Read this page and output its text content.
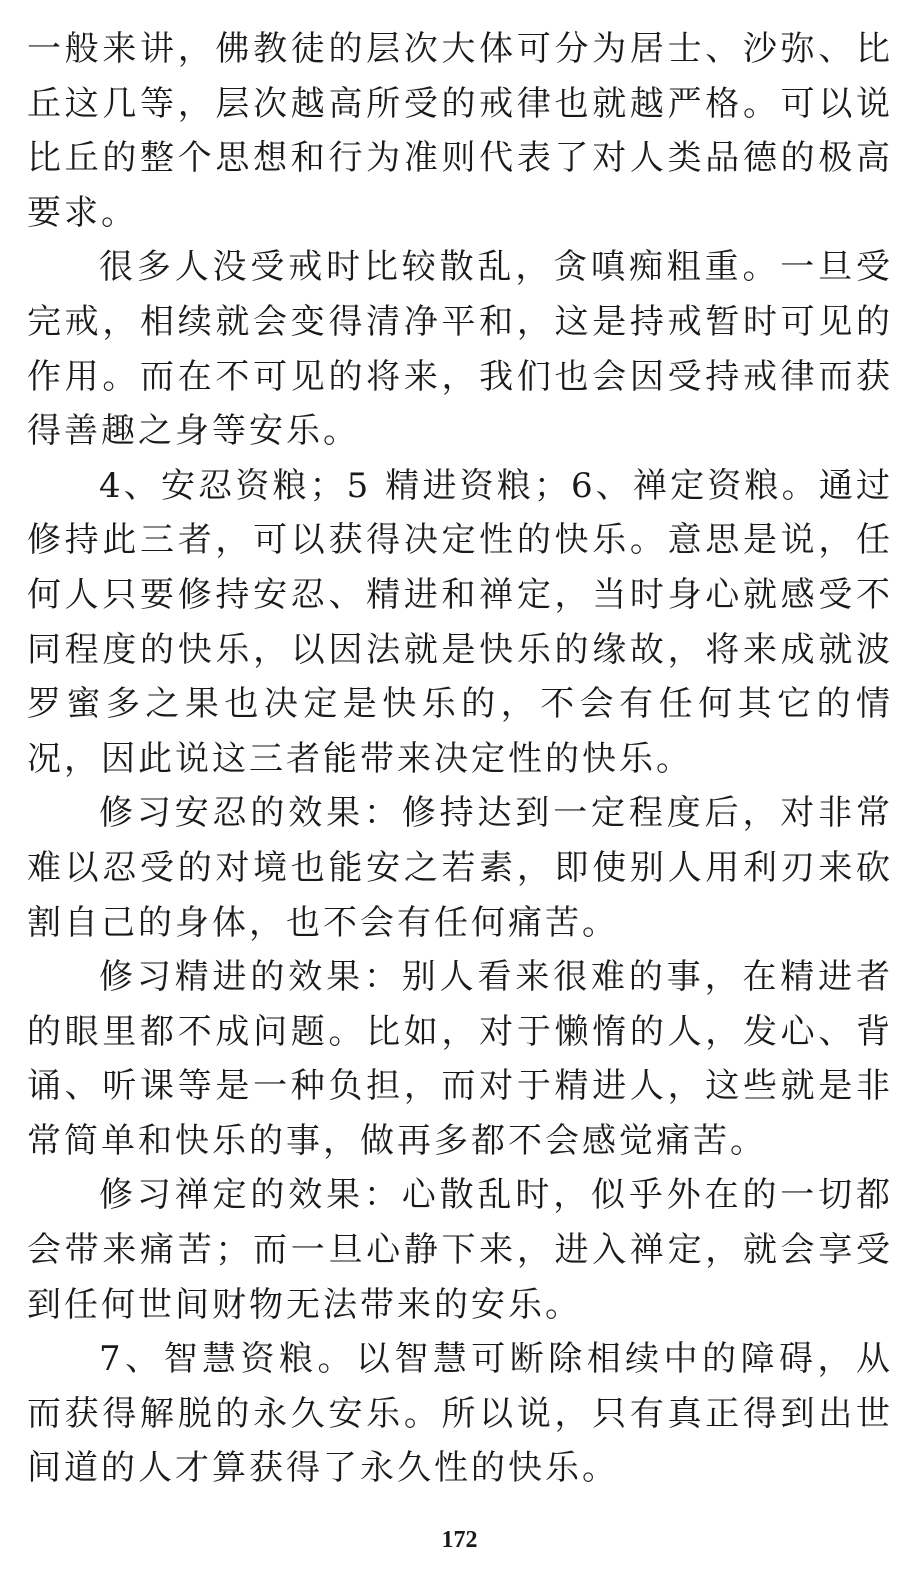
一般来讲，佛教徒的层次大体可分为居士、沙弥、比丘这几等，层次越高所受的戒律也就越严格。可以说比丘的整个思想和行为准则代表了对人类品德的极高要求。

很多人没受戒时比较散乱，贪嗔痴粗重。一旦受完戒，相续就会变得清净平和，这是持戒暂时可见的作用。而在不可见的将来，我们也会因受持戒律而获得善趣之身等安乐。

4、安忍资粮；5 精进资粮；6、禅定资粮。通过修持此三者，可以获得决定性的快乐。意思是说，任何人只要修持安忍、精进和禅定，当时身心就感受不同程度的快乐，以因法就是快乐的缘故，将来成就波罗蜜多之果也决定是快乐的，不会有任何其它的情况，因此说这三者能带来决定性的快乐。

修习安忍的效果：修持达到一定程度后，对非常难以忍受的对境也能安之若素，即使别人用利刃来砍割自己的身体，也不会有任何痛苦。

修习精进的效果：别人看来很难的事，在精进者的眼里都不成问题。比如，对于懒惰的人，发心、背诵、听课等是一种负担，而对于精进人，这些就是非常简单和快乐的事，做再多都不会感觉痛苦。

修习禅定的效果：心散乱时，似乎外在的一切都会带来痛苦；而一旦心静下来，进入禅定，就会享受到任何世间财物无法带来的安乐。

7、智慧资粮。以智慧可断除相续中的障碍，从而获得解脱的永久安乐。所以说，只有真正得到出世间道的人才算获得了永久性的快乐。

172
